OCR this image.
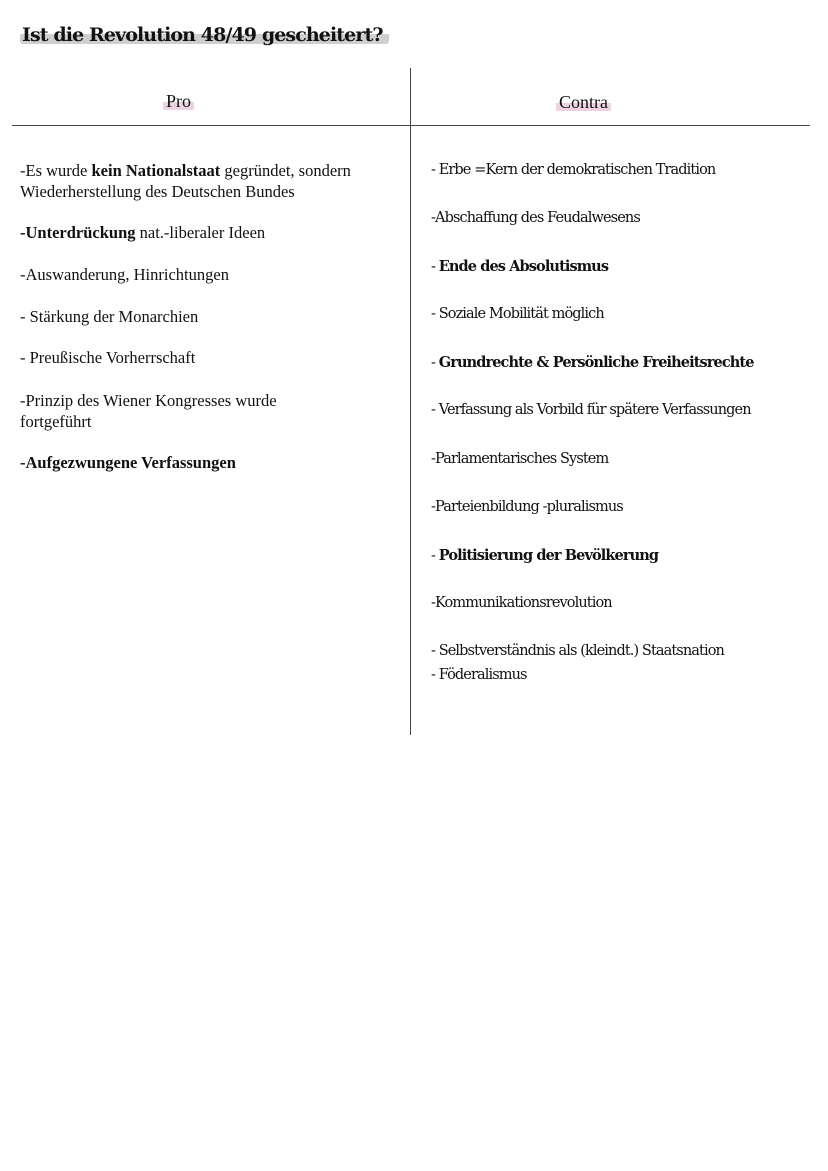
Ist die Revolution 48/49 gescheitert?
Pro	Contra
-Es wurde kein Nationalstaat gegründet, sondern Wiederherstellung des Deutschen Bundes
-Unterdrückung nat.-liberaler Ideen
-Auswanderung, Hinrichtungen
- Stärkung der Monarchien
- Preußische Vorherrschaft
-Prinzip des Wiener Kongresses wurde fortgeführt
-Aufgezwungene Verfassungen
- Erbe =Kern der demokratischen Tradition
-Abschaffung des Feudalwesens
- Ende des Absolutismus
- Soziale Mobilität möglich
- Grundrechte & Persönliche Freiheitsrechte
- Verfassung als Vorbild für spätere Verfassungen
-Parlamentarisches System
-Parteienbildung -pluralismus
- Politisierung der Bevölkerung
-Kommunikationsrevolution
- Selbstverständnis als (kleindt.) Staatsnation
- Föderalismus
